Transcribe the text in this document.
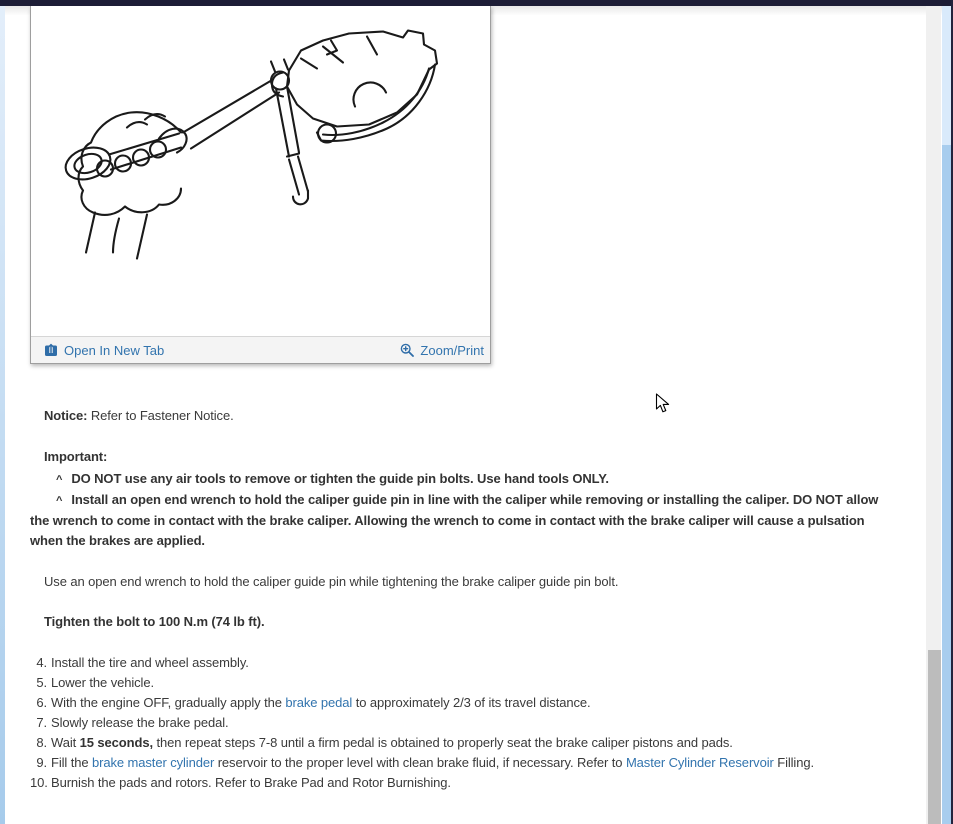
Open In New Tab	Zoom/Print

Notice: Refer to Fastener Notice.

Important:

^ DO NOT use any air tools to remove or tighten the guide pin bolts. Use hand tools ONLY.

^ Install an open end wrench to hold the caliper guide pin in line with the caliper while removing or installing the caliper. DO NOT allow the wrench to come in contact with the brake caliper. Allowing the wrench to come in contact with the brake caliper will cause a pulsation when the brakes are applied.

Use an open end wrench to hold the caliper guide pin while tightening the brake caliper guide pin bolt.

Tighten the bolt to 100 N.m (74 lb ft).

4. Install the tire and wheel assembly.
5. Lower the vehicle.
6. With the engine OFF, gradually apply the brake pedal to approximately 2/3 of its travel distance.
7. Slowly release the brake pedal.
8. Wait 15 seconds, then repeat steps 7-8 until a firm pedal is obtained to properly seat the brake caliper pistons and pads.
9. Fill the brake master cylinder reservoir to the proper level with clean brake fluid, if necessary. Refer to Master Cylinder Reservoir Filling.
10. Burnish the pads and rotors. Refer to Brake Pad and Rotor Burnishing.
